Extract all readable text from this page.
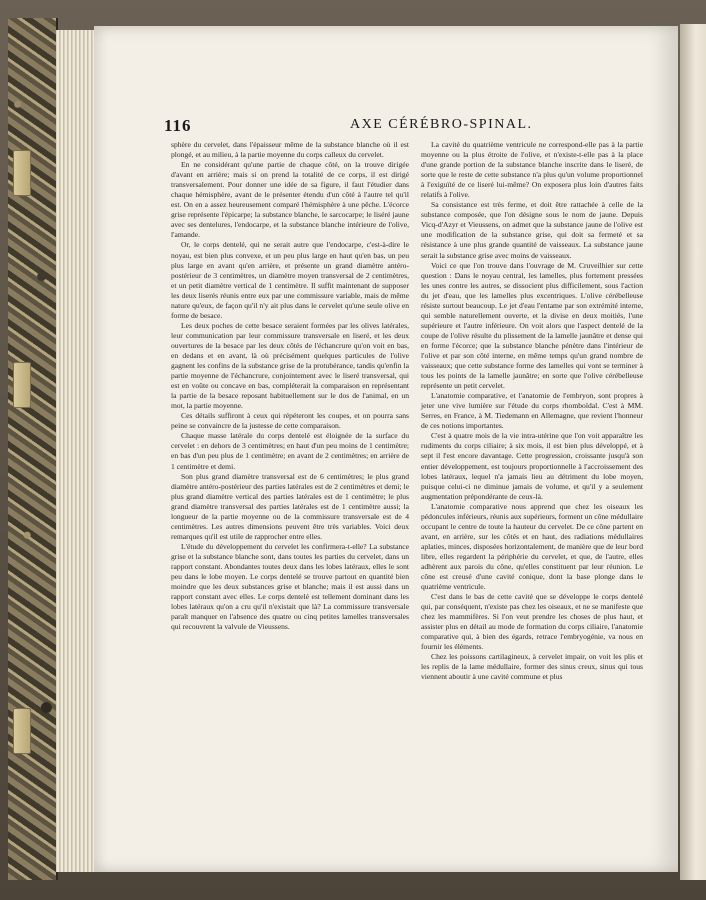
116	AXE CÉRÉBRO-SPINAL.

sphère du cervelet, dans l'épaisseur même de la substance blanche où il est plongé, et au milieu, à la partie moyenne du corps calleux du cervelet.

En ne considérant qu'une partie de chaque côté, on la trouve dirigée d'avant en arrière; mais si on prend la totalité de ce corps, il est dirigé transversalement. Pour donner une idée de sa figure, il faut l'étudier dans chaque hémisphère, avant de le présenter étendu d'un côté à l'autre tel qu'il est. On en a assez heureusement comparé l'hémisphère à une pêche. L'écorce grise représente l'épicarpe; la substance blanche, le sarcocarpe; le liséré jaune avec ses dentelures, l'endocarpe, et la substance blanche intérieure de l'olive, l'amande.

Or, le corps dentelé, qui ne serait autre que l'endocarpe, c'est-à-dire le noyau, est bien plus convexe, et un peu plus large en haut qu'en bas, un peu plus large en avant qu'en arrière, et présente un grand diamètre antéro-postérieur de 3 centimètres, un diamètre moyen transversal de 2 centimètres, et un petit diamètre vertical de 1 centimètre. Il suffit maintenant de supposer les deux liserés réunis entre eux par une commissure variable, mais de même nature qu'eux, de façon qu'il n'y ait plus dans le cervelet qu'une seule olive en forme de besace.

Les deux poches de cette besace seraient formées par les olives latérales, leur communication par leur commissure transversale en liseré, et les deux ouvertures de la besace par les deux côtés de l'échancrure qu'on voit en bas, en dedans et en avant, là où précisément quelques particules de l'olive gagnent les confins de la substance grise de la protubérance, tandis qu'enfin la partie moyenne de l'échancrure, conjointement avec le liseré transversal, qui est en voûte ou concave en bas, compléterait la comparaison en représentant la partie de la besace reposant habituellement sur le dos de l'animal, en un mot, la partie moyenne.

Ces détails suffiront à ceux qui répéteront les coupes, et on pourra sans peine se convaincre de la justesse de cette comparaison.

Chaque masse latérale du corps dentelé est éloignée de la surface du cervelet : en dehors de 3 centimètres; en haut d'un peu moins de 1 centimètre; en bas d'un peu plus de 1 centimètre; en avant de 2 centimètres; en arrière de 1 centimètre et demi.

Son plus grand diamètre transversal est de 6 centimètres; le plus grand diamètre antéro-postérieur des parties latérales est de 2 centimètres et demi; le plus grand diamètre vertical des parties latérales est de 1 centimètre; le plus grand diamètre transversal des parties latérales est de 1 centimètre aussi; la longueur de la partie moyenne ou de la commissure transversale est de 4 centimètres. Les autres dimensions peuvent être très variables. Voici deux remarques qu'il est utile de rapprocher entre elles.

L'étude du développement du cervelet les confirmera-t-elle? La substance grise et la substance blanche sont, dans toutes les parties du cervelet, dans un rapport constant. Abondantes toutes deux dans les lobes latéraux, elles le sont peu dans le lobe moyen. Le corps dentelé se trouve partout en quantité bien moindre que les deux substances grise et blanche; mais il est aussi dans un rapport constant avec elles. Le corps dentelé est tellement dominant dans les lobes latéraux qu'on a cru qu'il n'existait que là? La commissure transversale paraît manquer en l'absence des quatre ou cinq petites lamelles transversales qui recouvrent la valvule de Vieussens.

La cavité du quatrième ventricule ne correspond-elle pas à la partie moyenne ou la plus étroite de l'olive, et n'existe-t-elle pas à la place d'une grande portion de la substance blanche inscrite dans le liseré, de sorte que le reste de cette substance n'a plus qu'un volume proportionnel à l'exiguïté de ce liseré lui-même? On exposera plus loin d'autres faits relatifs à l'olive.

Sa consistance est très ferme, et doit être rattachée à celle de la substance composée, que l'on désigne sous le nom de jaune. Depuis Vicq-d'Azyr et Vieussens, on admet que la substance jaune de l'olive est une modification de la substance grise, qui doit sa fermeté et sa résistance à une plus grande quantité de vaisseaux. La substance jaune serait la substance grise avec moins de vaisseaux.

Voici ce que l'on trouve dans l'ouvrage de M. Cruveilhier sur cette question : Dans le noyau central, les lamelles, plus fortement pressées les unes contre les autres, se dissocient plus difficilement, sous l'action du jet d'eau, que les lamelles plus excentriques. L'olive cérébelleuse résiste surtout beaucoup. Le jet d'eau l'entame par son extrémité interne, qui semble naturellement ouverte, et la divise en deux moitiés, l'une supérieure et l'autre inférieure. On voit alors que l'aspect dentelé de la coupe de l'olive résulte du plissement de la lamelle jaunâtre et dense qui en forme l'écorce; que la substance blanche pénètre dans l'intérieur de l'olive et par son côté interne, en même temps qu'un grand nombre de vaisseaux; que cette substance forme des lamelles qui vont se terminer à tous les points de la lamelle jaunâtre; en sorte que l'olive cérébelleuse représente un petit cervelet.

L'anatomie comparative, et l'anatomie de l'embryon, sont propres à jeter une vive lumière sur l'étude du corps rhomboïdal. C'est à MM. Serres, en France, à M. Tiedemann en Allemagne, que revient l'honneur de ces notions importantes.

C'est à quatre mois de la vie intra-utérine que l'on voit apparaître les rudiments du corps ciliaire; à six mois, il est bien plus développé, et à sept il l'est encore davantage. Cette progression, croissante jusqu'à son entier développement, est toujours proportionnelle à l'accroissement des lobes latéraux, lequel n'a jamais lieu au détriment du lobe moyen, puisque celui-ci ne diminue jamais de volume, et qu'il y a seulement augmentation prépondérante de ceux-là.

L'anatomie comparative nous apprend que chez les oiseaux les pédoncules inférieurs, réunis aux supérieurs, forment un cône médullaire occupant le centre de toute la hauteur du cervelet. De ce cône partent en avant, en arrière, sur les côtés et en haut, des radiations médullaires aplaties, minces, disposées horizontalement, de manière que de leur bord libre, elles regardent la périphérie du cervelet, et que, de l'autre, elles adhèrent aux parois du cône, qu'elles constituent par leur réunion. Le cône est creusé d'une cavité conique, dont la base plonge dans le quatrième ventricule.

C'est dans le bas de cette cavité que se développe le corps dentelé qui, par conséquent, n'existe pas chez les oiseaux, et ne se manifeste que chez les mammifères. Si l'on veut prendre les choses de plus haut, et assister plus en détail au mode de formation du corps ciliaire, l'anatomie comparative qui, à bien des égards, retrace l'embryogénie, va nous en fournir les éléments.

Chez les poissons cartilagineux, à cervelet impair, on voit les plis et les replis de la lame médullaire, former des sinus creux, sinus qui tous viennent aboutir à une cavité commune et plus
